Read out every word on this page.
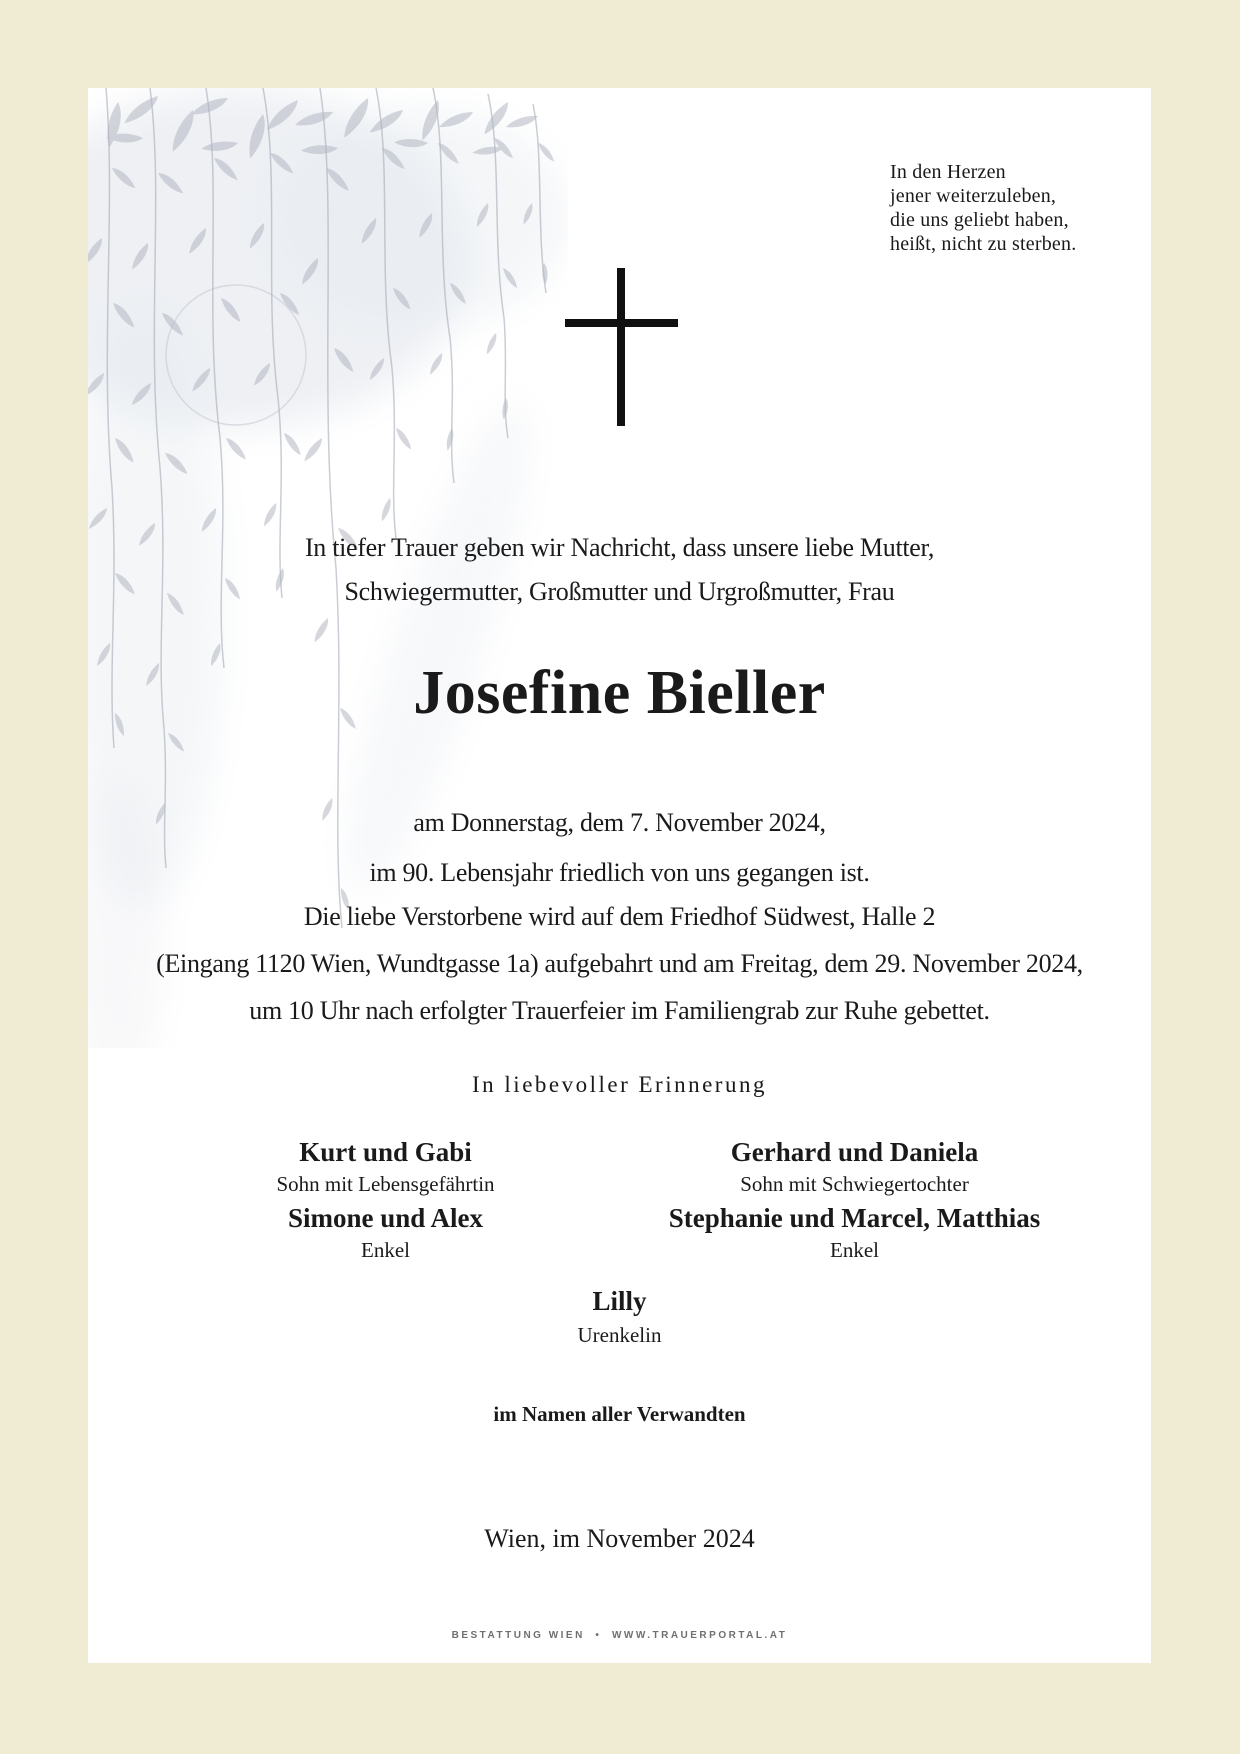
In den Herzen
jener weiterzuleben,
die uns geliebt haben,
heißt, nicht zu sterben.
In tiefer Trauer geben wir Nachricht, dass unsere liebe Mutter,
Schwiegermutter, Großmutter und Urgroßmutter, Frau
Josefine Bieller
am Donnerstag, dem 7. November 2024,
im 90. Lebensjahr friedlich von uns gegangen ist.
Die liebe Verstorbene wird auf dem Friedhof Südwest, Halle 2
(Eingang 1120 Wien, Wundtgasse 1a) aufgebahrt und am Freitag, dem 29. November 2024,
um 10 Uhr nach erfolgter Trauerfeier im Familiengrab zur Ruhe gebettet.
In liebevoller Erinnerung
Kurt und Gabi
Sohn mit Lebensgefährtin
Simone und Alex
Enkel
Gerhard und Daniela
Sohn mit Schwiegertochter
Stephanie und Marcel, Matthias
Enkel
Lilly
Urenkelin
im Namen aller Verwandten
Wien, im November 2024
BESTATTUNG WIEN  •  WWW.TRAUERPORTAL.AT
